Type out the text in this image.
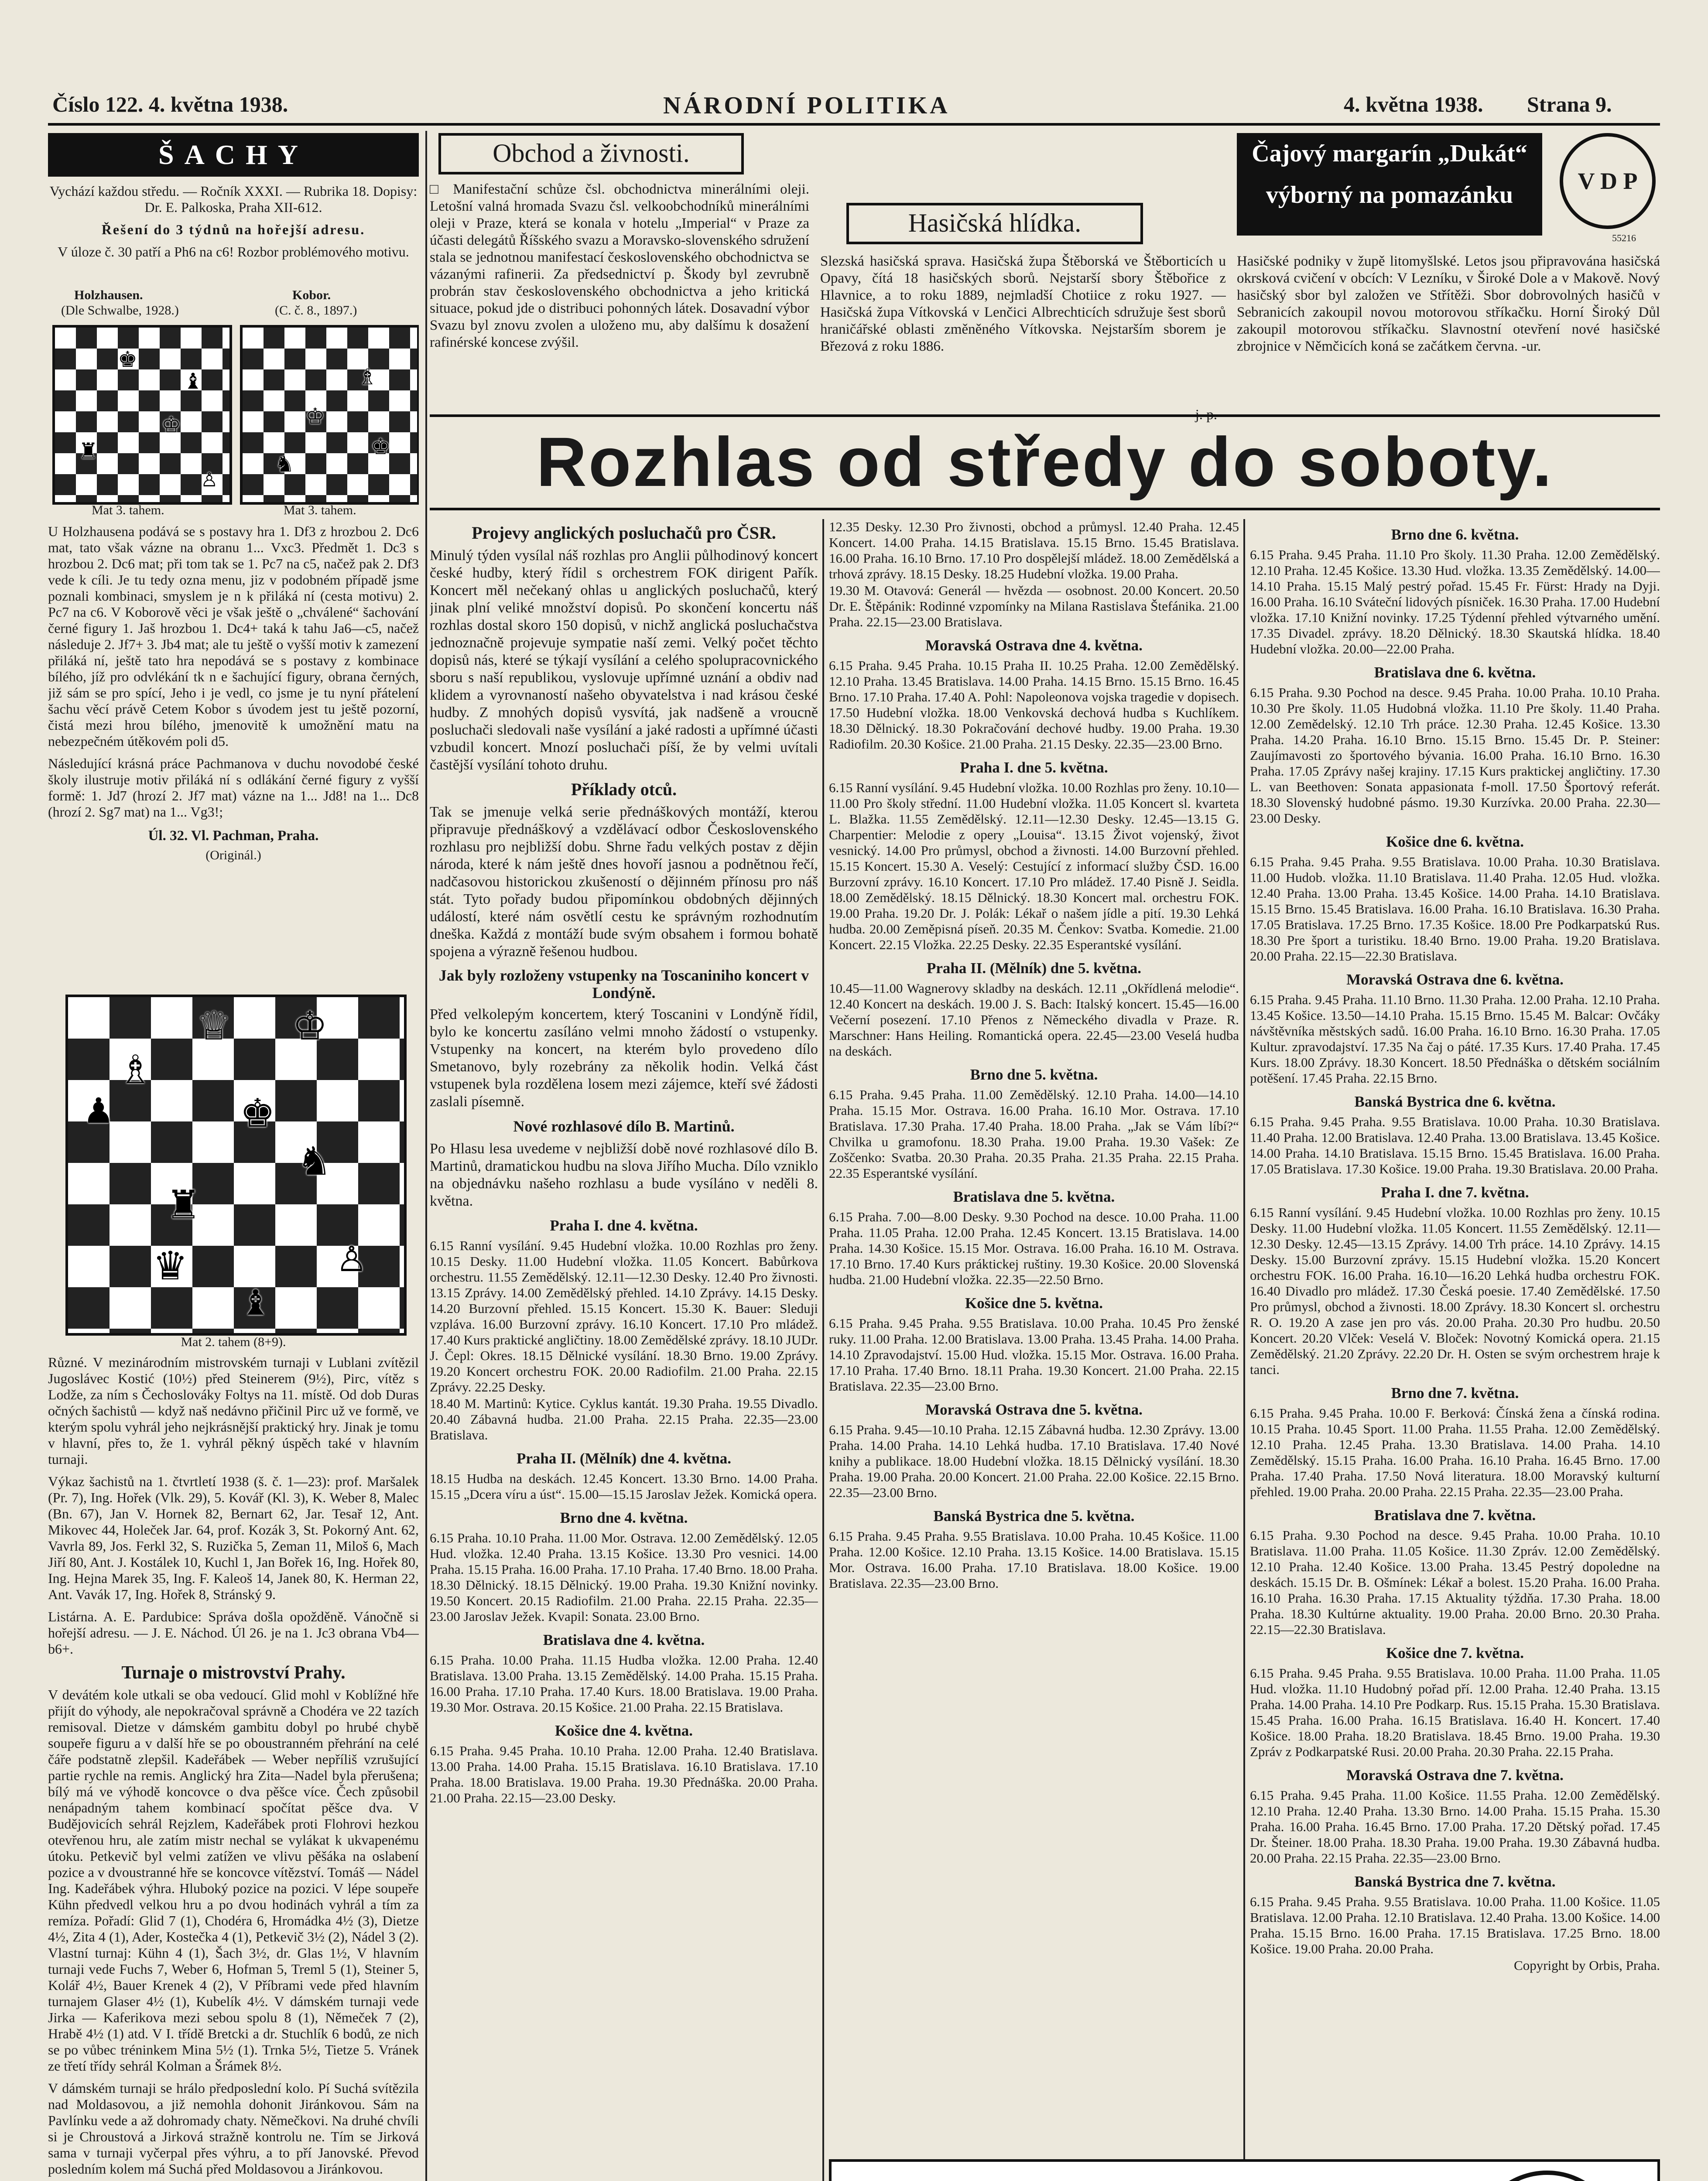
Číslo 122. 4. května 1938.	NÁRODNÍ POLITIKA	4. května 1938. Strana 9.
ŠACHY

Vychází každou středu. — Ročník XXXI. — Rubrika 18. Dopisy: Dr. E. Palkoska, Praha XII-612.

Řešení do 3 týdnů na hořejší adresu.

V úloze č. 30 patří a Ph6 na c6! Rozbor problémového motivu.

Holzhausen.
(Dle Schwalbe, 1928.)
Kobor.
(C. č. 8., 1897.)
♔
♜
♝
♚
♙
♔
♗
♞
♚
Mat 3. tahem.	Mat 3. tahem.

U Holzhausena podává se s postavy hra 1. Df3 z hrozbou 2. Dc6 mat, tato však vázne na obranu 1... Vxc3. Předmět 1. Dc3 s hrozbou 2. Dc6 mat; při tom tak se 1. Pc7 na c5, načež pak 2. Df3 vede k cíli. Je tu tedy ozna menu, jiz v podobném případě jsme poznali kombinaci, smyslem je n k přiláká ní (cesta motivu) 2. Pc7 na c6. V Koborově věci je však ještě o „chválené“ šachování černé figury 1. Jaš hrozbou 1. Dc4+ taká k tahu Ja6—c5, načež následuje 2. Jf7+ 3. Jb4 mat; ale tu ještě o vyšší motiv k zamezení přiláká ní, ještě tato hra nepodává se s postavy z kombinace bílého, jíž pro odvlékání tk n e šachující figury, obrana černých, již sám se pro spící, Jeho i je vedl, co jsme je tu nyní přátelení šachu věcí právě Cetem Kobor s úvodem jest tu ještě pozorní, čistá mezi hrou bílého, jmenovitě k umožnění matu na nebezpečném útěkovém poli d5.

Následující krásná práce Pachmanova v duchu novodobé české školy ilustruje motiv přiláká ní s odlákání černé figury z vyšší formě: 1. Jd7 (hrozí 2. Jf7 mat) vázne na 1... Jd8! na 1... Dc8 (hrozí 2. Sg7 mat) na 1... Vg3!;

Úl. 32. Vl. Pachman, Praha.
(Originál.)
♔
♕
♗
♟
♞
♜
♚
♛
♝
♙
Mat 2. tahem (8+9).

Různé. V mezinárodním mistrovském turnaji v Lublani zvítězil Jugoslávec Kostić (10½) před Steinerem (9½), Pirc, vítěz s Lodže, za ním s Čechoslováky Foltys na 11. místě. Od dob Duras očných šachistů — když naš nedávno přičinil Pirc už ve formě, ve kterým spolu vyhrál jeho nejkrásnější praktický hry. Jinak je tomu v hlavní, přes to, že 1. vyhrál pěkný úspěch také v hlavním turnaji.

Výkaz šachistů na 1. čtvrtletí 1938 (š. č. 1—23): prof. Maršalek (Pr. 7), Ing. Hořek (Vlk. 29), 5. Kovář (Kl. 3), K. Weber 8, Malec (Bn. 67), Jan V. Hornek 82, Bernart 62, Jar. Tesař 12, Ant. Mikovec 44, Holeček Jar. 64, prof. Kozák 3, St. Pokorný Ant. 62, Vavrla 89, Jos. Ferkl 32, S. Ruzička 5, Zeman 11, Miloš 6, Mach Jiří 80, Ant. J. Kostálek 10, Kuchl 1, Jan Bořek 16, Ing. Hořek 80, Ing. Hejna Marek 35, Ing. F. Kaleoš 14, Janek 80, K. Herman 22, Ant. Vavák 17, Ing. Hořek 8, Stránský 9.

Listárna. A. E. Pardubice: Správa došla opožděně. Vánočně si hořejší adresu. — J. E. Náchod. Úl 26. je na 1. Jc3 obrana Vb4—b6+.

Turnaje o mistrovství Prahy.

V devátém kole utkali se oba vedoucí. Glid mohl v Koblížné hře přijít do výhody, ale nepokračoval správně a Chodéra ve 22 tazích remisoval. Dietze v dámském gambitu dobyl po hrubé chybě soupeře figuru a v další hře se po oboustranném přehrání na celé čáře podstatně zlepšil. Kadeřábek — Weber nepříliš vzrušující partie rychle na remis. Anglický hra Zita—Nadel byla přerušena; bílý má ve výhodě koncovce o dva pěšce více. Čech způsobil nenápadným tahem kombinací spočítat pěšce dva. V Budějovicích sehrál Rejzlem, Kadeřábek proti Flohrovi hezkou otevřenou hru, ale zatím mistr nechal se vylákat k ukvapenému útoku. Petkevič byl velmi zatížen ve vlivu pěšáka na oslabení pozice a v dvoustranné hře se koncovce vítězství. Tomáš — Nádel Ing. Kadeřábek výhra. Hluboký pozice na pozici. V lépe soupeře Kühn předvedl velkou hru a po dvou hodinách vyhrál a tím za remíza. Pořadí: Glid 7 (1), Chodéra 6, Hromádka 4½ (3), Dietze 4½, Zita 4 (1), Ader, Kostečka 4 (1), Petkevič 3½ (2), Nádel 3 (2). Vlastní turnaj: Kühn 4 (1), Šach 3½, dr. Glas 1½, V hlavním turnaji vede Fuchs 7, Weber 6, Hofman 5, Treml 5 (1), Steiner 5, Kolář 4½, Bauer Krenek 4 (2), V Příbrami vede před hlavním turnajem Glaser 4½ (1), Kubelík 4½. V dámském turnaji vede Jirka — Kaferikova mezi sebou spolu 8 (1), Němeček 7 (2), Hrabě 4½ (1) atd. V I. třídě Bretcki a dr. Stuchlík 6 bodů, ze nich se po vůbec tréninkem Mina 5½ (1). Trnka 5½, Tietze 5. Vránek ze třetí třídy sehrál Kolman a Šrámek 8½.

V dámském turnaji se hrálo předposlední kolo. Pí Suchá svítězila nad Moldasovou, a již nemohla dohonit Jiránkovou. Sám na Pavlínku vede a až dohromady chaty. Němečkovi. Na druhé chvíli si je Chroustová a Jirková stražně kontrolu ne. Tím se Jirková sama v turnaji vyčerpal přes výhru, a to pří Janovské. Převod posledním kolem má Suchá před Moldasovou a Jiránkovou.

Obchod a živnosti.

□ Manifestační schůze čsl. obchodnictva minerálními oleji. Letošní valná hromada Svazu čsl. velkoobchodníků minerálními oleji v Praze, která se konala v hotelu „Imperial“ v Praze za účasti delegátů Říšského svazu a Moravsko-slovenského sdružení stala se jednotnou manifestací československého obchodnictva se vázanými rafinerii. Za předsednictví p. Škody byl zevrubně probrán stav československého obchodnictva a jeho kritická situace, pokud jde o distribuci pohonných látek. Dosavadní výbor Svazu byl znovu zvolen a uloženo mu, aby dalšímu k dosažení rafinérské koncese zvýšil.

Hasičská hlídka.

Slezská hasičská sprava. Hasičská župa Štěborská ve Štěborticích u Opavy, čítá 18 hasičských sborů. Nejstarší sbory Štěbořice z Hlavnice, a to roku 1889, nejmladší Chotiice z roku 1927. — Hasičská župa Vítkovská v Lenčici Albrechticích sdružuje šest sborů hraničářské oblasti změněného Vítkovska. Nejstarším sborem je Březová z roku 1886.

j. p.
Čajový margarín „Dukát“
výborný na pomazánku
V D P
55216

Hasičské podniky v župě litomyšlské. Letos jsou připravována hasičská okrsková cvičení v obcích: V Lezníku, v Široké Dole a v Makově. Nový hasičský sbor byl založen ve Střítěži. Sbor dobrovolných hasičů v Sebranicích zakoupil novou motorovou stříkačku. Horní Široký Důl zakoupil motorovou stříkačku. Slavnostní otevření nové hasičské zbrojnice v Němčicích koná se začátkem června. -ur.

Rozhlas od středy do soboty.
Projevy anglických posluchačů pro ČSR.

Minulý týden vysílal náš rozhlas pro Anglii půlhodinový koncert české hudby, který řídil s orchestrem FOK dirigent Pařík. Koncert měl nečekaný ohlas u anglických posluchačů, který jinak plní veliké množství dopisů. Po skončení koncertu náš rozhlas dostal skoro 150 dopisů, v nichž anglická posluchačstva jednoznačně projevuje sympatie naší zemi. Velký počet těchto dopisů nás, které se týkají vysílání a celého spolupracovnického sboru s naší republikou, vyslovuje upřímné uznání a obdiv nad klidem a vyrovnaností našeho obyvatelstva i nad krásou české hudby. Z mnohých dopisů vysvítá, jak nadšeně a vroucně posluchači sledovali naše vysílání a jaké radosti a upřímné účasti vzbudil koncert. Mnozí posluchači píší, že by velmi uvítali častější vysílání tohoto druhu.

Příklady otců.

Tak se jmenuje velká serie přednáškových montáží, kterou připravuje přednáškový a vzdělávací odbor Československého rozhlasu pro nejbližší dobu. Shrne řadu velkých postav z dějin národa, které k nám ještě dnes hovoří jasnou a podnětnou řečí, nadčasovou historickou zkušeností o dějinném přínosu pro náš stát. Tyto pořady budou připomínkou obdobných dějinných událostí, které nám osvětlí cestu ke správným rozhodnutím dneška. Každá z montáží bude svým obsahem i formou bohatě spojena a výrazně řešenou hudbou.

Jak byly rozloženy vstupenky na Toscaniniho koncert v Londýně.

Před velkolepým koncertem, který Toscanini v Londýně řídil, bylo ke koncertu zasíláno velmi mnoho žádostí o vstupenky. Vstupenky na koncert, na kterém bylo provedeno dílo Smetanovo, byly rozebrány za několik hodin. Velká část vstupenek byla rozdělena losem mezi zájemce, kteří své žádosti zaslali písemně.

Nové rozhlasové dílo B. Martinů.

Po Hlasu lesa uvedeme v nejbližší době nové rozhlasové dílo B. Martinů, dramatickou hudbu na slova Jiřího Mucha. Dílo vzniklo na objednávku našeho rozhlasu a bude vysíláno v neděli 8. května.

Praha I. dne 4. května.

6.15 Ranní vysílání. 9.45 Hudební vložka. 10.00 Rozhlas pro ženy. 10.15 Desky. 11.00 Hudební vložka. 11.05 Koncert. Babůrkova orchestru. 11.55 Zemědělský. 12.11—12.30 Desky. 12.40 Pro živnosti. 13.15 Zprávy. 14.00 Zemědělský přehled. 14.10 Zprávy. 14.15 Desky. 14.20 Burzovní přehled. 15.15 Koncert. 15.30 K. Bauer: Sleduji vzpláva. 16.00 Burzovní zprávy. 16.10 Koncert. 17.10 Pro mládež. 17.40 Kurs praktické angličtiny. 18.00 Zemědělské zprávy. 18.10 JUDr. J. Čepl: Okres. 18.15 Dělnické vysílání. 18.30 Brno. 19.00 Zprávy. 19.20 Koncert orchestru FOK. 20.00 Radiofilm. 21.00 Praha. 22.15 Zprávy. 22.25 Desky.

18.40 M. Martinů: Kytice. Cyklus kantát. 19.30 Praha. 19.55 Divadlo. 20.40 Zábavná hudba. 21.00 Praha. 22.15 Praha. 22.35—23.00 Bratislava.

Praha II. (Mělník) dne 4. května.

18.15 Hudba na deskách. 12.45 Koncert. 13.30 Brno. 14.00 Praha. 15.15 „Dcera víru a úst“. 15.00—15.15 Jaroslav Ježek. Komická opera.

Brno dne 4. května.

6.15 Praha. 10.10 Praha. 11.00 Mor. Ostrava. 12.00 Zemědělský. 12.05 Hud. vložka. 12.40 Praha. 13.15 Košice. 13.30 Pro vesnici. 14.00 Praha. 15.15 Praha. 16.00 Praha. 17.10 Praha. 17.40 Brno. 18.00 Praha. 18.30 Dělnický. 18.15 Dělnický. 19.00 Praha. 19.30 Knižní novinky. 19.50 Koncert. 20.15 Radiofilm. 21.00 Praha. 22.15 Praha. 22.35—23.00 Jaroslav Ježek. Kvapil: Sonata. 23.00 Brno.

Bratislava dne 4. května.

6.15 Praha. 10.00 Praha. 11.15 Hudba vložka. 12.00 Praha. 12.40 Bratislava. 13.00 Praha. 13.15 Zemědělský. 14.00 Praha. 15.15 Praha. 16.00 Praha. 17.10 Praha. 17.40 Kurs. 18.00 Bratislava. 19.00 Praha. 19.30 Mor. Ostrava. 20.15 Košice. 21.00 Praha. 22.15 Bratislava.

Košice dne 4. května.

6.15 Praha. 9.45 Praha. 10.10 Praha. 12.00 Praha. 12.40 Bratislava. 13.00 Praha. 14.00 Praha. 15.15 Bratislava. 16.10 Bratislava. 17.10 Praha. 18.00 Bratislava. 19.00 Praha. 19.30 Přednáška. 20.00 Praha. 21.00 Praha. 22.15—23.00 Desky.

12.35 Desky. 12.30 Pro živnosti, obchod a průmysl. 12.40 Praha. 12.45 Koncert. 14.00 Praha. 14.15 Bratislava. 15.15 Brno. 15.45 Bratislava. 16.00 Praha. 16.10 Brno. 17.10 Pro dospělejší mládež. 18.00 Zemědělská a trhová zprávy. 18.15 Desky. 18.25 Hudební vložka. 19.00 Praha.

19.30 M. Otavová: Generál — hvězda — osobnost. 20.00 Koncert. 20.50 Dr. E. Štěpánik: Rodinné vzpomínky na Milana Rastislava Štefánika. 21.00 Praha. 22.15—23.00 Bratislava.

Moravská Ostrava dne 4. května.

6.15 Praha. 9.45 Praha. 10.15 Praha II. 10.25 Praha. 12.00 Zemědělský. 12.10 Praha. 13.45 Bratislava. 14.00 Praha. 14.15 Brno. 15.15 Brno. 16.45 Brno. 17.10 Praha. 17.40 A. Pohl: Napoleonova vojska tragedie v dopisech. 17.50 Hudební vložka. 18.00 Venkovská dechová hudba s Kuchlíkem. 18.30 Dělnický. 18.30 Pokračování dechové hudby. 19.00 Praha. 19.30 Radiofilm. 20.30 Košice. 21.00 Praha. 21.15 Desky. 22.35—23.00 Brno.

Praha I. dne 5. května.

6.15 Ranní vysílání. 9.45 Hudební vložka. 10.00 Rozhlas pro ženy. 10.10—11.00 Pro školy střední. 11.00 Hudební vložka. 11.05 Koncert sl. kvarteta L. Blažka. 11.55 Zemědělský. 12.11—12.30 Desky. 12.45—13.15 G. Charpentier: Melodie z opery „Louisa“. 13.15 Život vojenský, život vesnický. 14.00 Pro průmysl, obchod a živnosti. 14.00 Burzovní přehled. 15.15 Koncert. 15.30 A. Veselý: Cestující z informací služby ČSD. 16.00 Burzovní zprávy. 16.10 Koncert. 17.10 Pro mládež. 17.40 Pisně J. Seidla. 18.00 Zemědělský. 18.15 Dělnický. 18.30 Koncert mal. orchestru FOK. 19.00 Praha. 19.20 Dr. J. Polák: Lékař o našem jídle a pití. 19.30 Lehká hudba. 20.00 Zeměpisná píseň. 20.35 M. Čenkov: Svatba. Komedie. 21.00 Koncert. 22.15 Vložka. 22.25 Desky. 22.35 Esperantské vysílání.

Praha II. (Mělník) dne 5. května.

10.45—11.00 Wagnerovy skladby na deskách. 12.11 „Okřídlená melodie“. 12.40 Koncert na deskách. 19.00 J. S. Bach: Italský koncert. 15.45—16.00 Večerní posezení. 17.10 Přenos z Německého divadla v Praze. R. Marschner: Hans Heiling. Romantická opera. 22.45—23.00 Veselá hudba na deskách.

Brno dne 5. května.

6.15 Praha. 9.45 Praha. 11.00 Zemědělský. 12.10 Praha. 14.00—14.10 Praha. 15.15 Mor. Ostrava. 16.00 Praha. 16.10 Mor. Ostrava. 17.10 Bratislava. 17.30 Praha. 17.40 Praha. 18.00 Praha. „Jak se Vám líbí?“ Chvilka u gramofonu. 18.30 Praha. 19.00 Praha. 19.30 Vašek: Ze Zoščenko: Svatba. 20.30 Praha. 20.35 Praha. 21.35 Praha. 22.15 Praha. 22.35 Esperantské vysílání.

Bratislava dne 5. května.

6.15 Praha. 7.00—8.00 Desky. 9.30 Pochod na desce. 10.00 Praha. 11.00 Praha. 11.05 Praha. 12.00 Praha. 12.45 Koncert. 13.15 Bratislava. 14.00 Praha. 14.30 Košice. 15.15 Mor. Ostrava. 16.00 Praha. 16.10 M. Ostrava. 17.10 Brno. 17.40 Kurs práktickej ruštiny. 19.30 Košice. 20.00 Slovenská hudba. 21.00 Hudební vložka. 22.35—22.50 Brno.

Košice dne 5. května.

6.15 Praha. 9.45 Praha. 9.55 Bratislava. 10.00 Praha. 10.45 Pro ženské ruky. 11.00 Praha. 12.00 Bratislava. 13.00 Praha. 13.45 Praha. 14.00 Praha. 14.10 Zpravodajství. 15.00 Hud. vložka. 15.15 Mor. Ostrava. 16.00 Praha. 17.10 Praha. 17.40 Brno. 18.11 Praha. 19.30 Koncert. 21.00 Praha. 22.15 Bratislava. 22.35—23.00 Brno.

Moravská Ostrava dne 5. května.

6.15 Praha. 9.45—10.10 Praha. 12.15 Zábavná hudba. 12.30 Zprávy. 13.00 Praha. 14.00 Praha. 14.10 Lehká hudba. 17.10 Bratislava. 17.40 Nové knihy a publikace. 18.00 Hudební vložka. 18.15 Dělnický vysílání. 18.30 Praha. 19.00 Praha. 20.00 Koncert. 21.00 Praha. 22.00 Košice. 22.15 Brno. 22.35—23.00 Brno.

Banská Bystrica dne 5. května.

6.15 Praha. 9.45 Praha. 9.55 Bratislava. 10.00 Praha. 10.45 Košice. 11.00 Praha. 12.00 Košice. 12.10 Praha. 13.15 Košice. 14.00 Bratislava. 15.15 Mor. Ostrava. 16.00 Praha. 17.10 Bratislava. 18.00 Košice. 19.00 Bratislava. 22.35—23.00 Brno.

Brno dne 6. května.

6.15 Praha. 9.45 Praha. 11.10 Pro školy. 11.30 Praha. 12.00 Zemědělský. 12.10 Praha. 12.45 Košice. 13.30 Hud. vložka. 13.35 Zemědělský. 14.00—14.10 Praha. 15.15 Malý pestrý pořad. 15.45 Fr. Fürst: Hrady na Dyji. 16.00 Praha. 16.10 Sváteční lidových písniček. 16.30 Praha. 17.00 Hudební vložka. 17.10 Knižní novinky. 17.25 Týdenní přehled výtvarného umění. 17.35 Divadel. zprávy. 18.20 Dělnický. 18.30 Skautská hlídka. 18.40 Hudební vložka. 20.00—22.00 Praha.

Bratislava dne 6. května.

6.15 Praha. 9.30 Pochod na desce. 9.45 Praha. 10.00 Praha. 10.10 Praha. 10.30 Pre školy. 11.05 Hudobná vložka. 11.10 Pre školy. 11.40 Praha. 12.00 Zemědelský. 12.10 Trh práce. 12.30 Praha. 12.45 Košice. 13.30 Praha. 14.20 Praha. 16.10 Brno. 15.15 Brno. 15.45 Dr. P. Steiner: Zaujímavosti zo športového bývania. 16.00 Praha. 16.10 Brno. 16.30 Praha. 17.05 Zprávy našej krajiny. 17.15 Kurs praktickej angličtiny. 17.30 L. van Beethoven: Sonata appasionata f-moll. 17.50 Športový referát. 18.30 Slovenský hudobné pásmo. 19.30 Kurzívka. 20.00 Praha. 22.30—23.00 Desky.

Košice dne 6. května.

6.15 Praha. 9.45 Praha. 9.55 Bratislava. 10.00 Praha. 10.30 Bratislava. 11.00 Hudob. vložka. 11.10 Bratislava. 11.40 Praha. 12.05 Hud. vložka. 12.40 Praha. 13.00 Praha. 13.45 Košice. 14.00 Praha. 14.10 Bratislava. 15.15 Brno. 15.45 Bratislava. 16.00 Praha. 16.10 Bratislava. 16.30 Praha. 17.05 Bratislava. 17.25 Brno. 17.35 Košice. 18.00 Pre Podkarpatskú Rus. 18.30 Pre šport a turistiku. 18.40 Brno. 19.00 Praha. 19.20 Bratislava. 20.00 Praha. 22.15—22.30 Bratislava.

Moravská Ostrava dne 6. května.

6.15 Praha. 9.45 Praha. 11.10 Brno. 11.30 Praha. 12.00 Praha. 12.10 Praha. 13.45 Košice. 13.50—14.10 Praha. 15.15 Brno. 15.45 M. Balcar: Ovčáky návštěvníka městských sadů. 16.00 Praha. 16.10 Brno. 16.30 Praha. 17.05 Kultur. zpravodajství. 17.35 Na čaj o páté. 17.35 Kurs. 17.40 Praha. 17.45 Kurs. 18.00 Zprávy. 18.30 Koncert. 18.50 Přednáška o dětském sociálním potěšení. 17.45 Praha. 22.15 Brno.

Banská Bystrica dne 6. května.

6.15 Praha. 9.45 Praha. 9.55 Bratislava. 10.00 Praha. 10.30 Bratislava. 11.40 Praha. 12.00 Bratislava. 12.40 Praha. 13.00 Bratislava. 13.45 Košice. 14.00 Praha. 14.10 Bratislava. 15.15 Brno. 15.45 Bratislava. 16.00 Praha. 17.05 Bratislava. 17.30 Košice. 19.00 Praha. 19.30 Bratislava. 20.00 Praha.

Praha I. dne 7. května.

6.15 Ranní vysílání. 9.45 Hudební vložka. 10.00 Rozhlas pro ženy. 10.15 Desky. 11.00 Hudební vložka. 11.05 Koncert. 11.55 Zemědělský. 12.11—12.30 Desky. 12.45—13.15 Zprávy. 14.00 Trh práce. 14.10 Zprávy. 14.15 Desky. 15.00 Burzovní zprávy. 15.15 Hudební vložka. 15.20 Koncert orchestru FOK. 16.00 Praha. 16.10—16.20 Lehká hudba orchestru FOK. 16.40 Divadlo pro mládež. 17.30 Česká poesie. 17.40 Zemědělské. 17.50 Pro průmysl, obchod a živnosti. 18.00 Zprávy. 18.30 Koncert sl. orchestru R. O. 19.20 A zase jen pro vás. 20.00 Praha. 20.30 Pro hudbu. 20.50 Koncert. 20.20 Vlček: Veselá V. Bloček: Novotný Komická opera. 21.15 Zemědělský. 21.20 Zprávy. 22.20 Dr. H. Osten se svým orchestrem hraje k tanci.

Brno dne 7. května.

6.15 Praha. 9.45 Praha. 10.00 F. Berková: Čínská žena a čínská rodina. 10.15 Praha. 10.45 Sport. 11.00 Praha. 11.55 Praha. 12.00 Zemědělský. 12.10 Praha. 12.45 Praha. 13.30 Bratislava. 14.00 Praha. 14.10 Zemědělský. 15.15 Praha. 16.00 Praha. 16.10 Praha. 16.45 Brno. 17.00 Praha. 17.40 Praha. 17.50 Nová literatura. 18.00 Moravský kulturní přehled. 19.00 Praha. 20.00 Praha. 22.15 Praha. 22.35—23.00 Praha.

Bratislava dne 7. května.

6.15 Praha. 9.30 Pochod na desce. 9.45 Praha. 10.00 Praha. 10.10 Bratislava. 11.00 Praha. 11.05 Košice. 11.30 Zpráv. 12.00 Zemědělský. 12.10 Praha. 12.40 Košice. 13.00 Praha. 13.45 Pestrý dopoledne na deskách. 15.15 Dr. B. Ošmínek: Lékař a bolest. 15.20 Praha. 16.00 Praha. 16.10 Praha. 16.30 Praha. 17.15 Aktuality týždňa. 17.30 Praha. 18.00 Praha. 18.30 Kultúrne aktuality. 19.00 Praha. 20.00 Brno. 20.30 Praha. 22.15—22.30 Bratislava.

Košice dne 7. května.

6.15 Praha. 9.45 Praha. 9.55 Bratislava. 10.00 Praha. 11.00 Praha. 11.05 Hud. vložka. 11.10 Hudobný pořad pří. 12.00 Praha. 12.40 Praha. 13.15 Praha. 14.00 Praha. 14.10 Pre Podkarp. Rus. 15.15 Praha. 15.30 Bratislava. 15.45 Praha. 16.00 Praha. 16.15 Bratislava. 16.40 H. Koncert. 17.40 Košice. 18.00 Praha. 18.20 Bratislava. 18.45 Brno. 19.00 Praha. 19.30 Zpráv z Podkarpatské Rusi. 20.00 Praha. 20.30 Praha. 22.15 Praha.

Moravská Ostrava dne 7. května.

6.15 Praha. 9.45 Praha. 11.00 Košice. 11.55 Praha. 12.00 Zemědělský. 12.10 Praha. 12.40 Praha. 13.30 Brno. 14.00 Praha. 15.15 Praha. 15.30 Praha. 16.00 Praha. 16.45 Brno. 17.00 Praha. 17.20 Dětský pořad. 17.45 Dr. Šteiner. 18.00 Praha. 18.30 Praha. 19.00 Praha. 19.30 Zábavná hudba. 20.00 Praha. 22.15 Praha. 22.35—23.00 Brno.

Banská Bystrica dne 7. května.

6.15 Praha. 9.45 Praha. 9.55 Bratislava. 10.00 Praha. 11.00 Košice. 11.05 Bratislava. 12.00 Praha. 12.10 Bratislava. 12.40 Praha. 13.00 Košice. 14.00 Praha. 15.15 Brno. 16.00 Praha. 17.15 Bratislava. 17.25 Brno. 18.00 Košice. 19.00 Praha. 20.00 Praha.

Copyright by Orbis, Praha.
